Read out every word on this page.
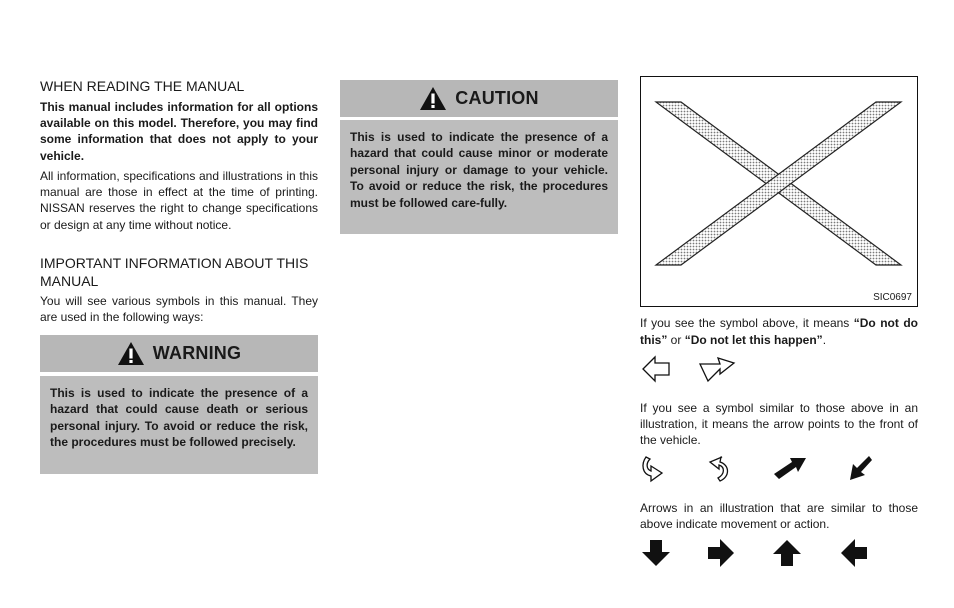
WHEN READING THE MANUAL

This manual includes information for all options available on this model. Therefore, you may find some information that does not apply to your vehicle.

All information, specifications and illustrations in this manual are those in effect at the time of printing. NISSAN reserves the right to change specifications or design at any time without notice.

IMPORTANT INFORMATION ABOUT THIS MANUAL

You will see various symbols in this manual. They are used in the following ways:

WARNING
This is used to indicate the presence of a hazard that could cause death or serious personal injury. To avoid or reduce the risk, the procedures must be followed precisely.
CAUTION
This is used to indicate the presence of a hazard that could cause minor or moderate personal injury or damage to your vehicle. To avoid or reduce the risk, the procedures must be followed care-fully.
SIC0697

If you see the symbol above, it means “Do not do this” or “Do not let this happen”.

If you see a symbol similar to those above in an illustration, it means the arrow points to the front of the vehicle.

Arrows in an illustration that are similar to those above indicate movement or action.
